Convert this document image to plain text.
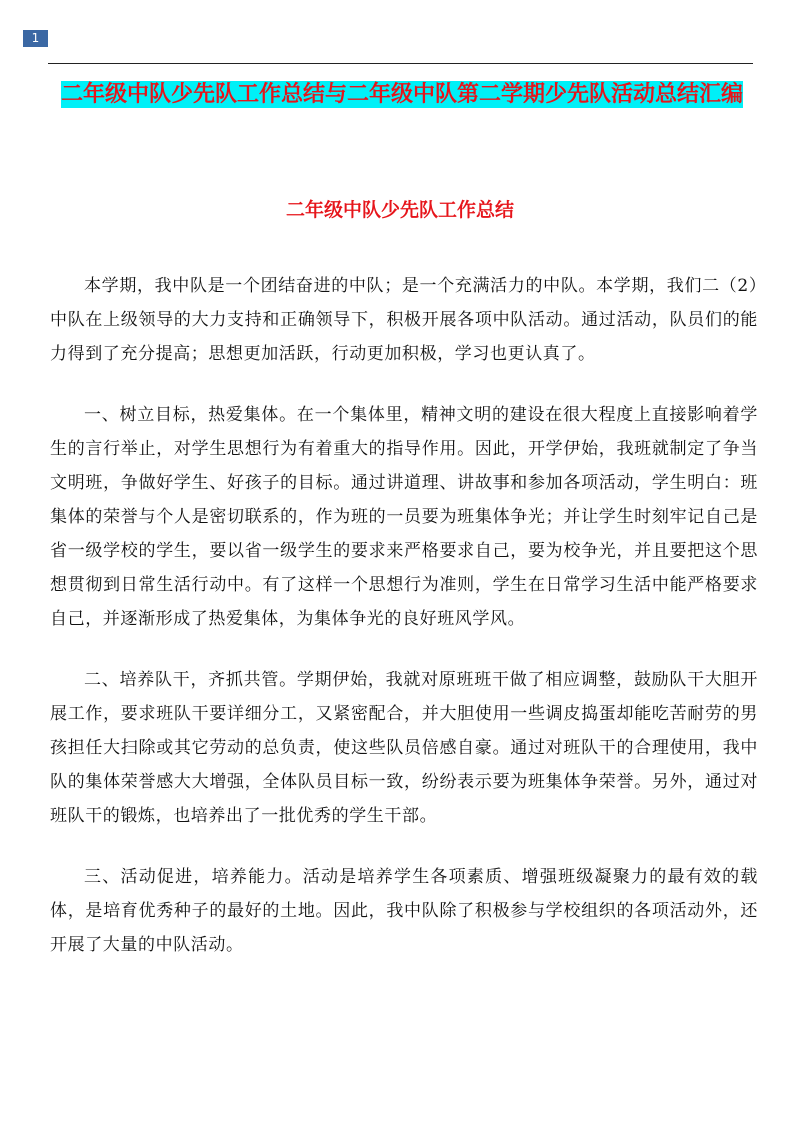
1
二年级中队少先队工作总结与二年级中队第二学期少先队活动总结汇编
二年级中队少先队工作总结

本学期，我中队是一个团结奋进的中队；是一个充满活力的中队。本学期，我们二（2）中队在上级领导的大力支持和正确领导下，积极开展各项中队活动。通过活动，队员们的能力得到了充分提高；思想更加活跃，行动更加积极，学习也更认真了。

一、树立目标，热爱集体。在一个集体里，精神文明的建设在很大程度上直接影响着学生的言行举止，对学生思想行为有着重大的指导作用。因此，开学伊始，我班就制定了争当文明班，争做好学生、好孩子的目标。通过讲道理、讲故事和参加各项活动，学生明白：班集体的荣誉与个人是密切联系的，作为班的一员要为班集体争光；并让学生时刻牢记自己是省一级学校的学生，要以省一级学生的要求来严格要求自己，要为校争光，并且要把这个思想贯彻到日常生活行动中。有了这样一个思想行为准则，学生在日常学习生活中能严格要求自己，并逐渐形成了热爱集体，为集体争光的良好班风学风。

二、培养队干，齐抓共管。学期伊始，我就对原班班干做了相应调整，鼓励队干大胆开展工作，要求班队干要详细分工，又紧密配合，并大胆使用一些调皮捣蛋却能吃苦耐劳的男孩担任大扫除或其它劳动的总负责，使这些队员倍感自豪。通过对班队干的合理使用，我中队的集体荣誉感大大增强，全体队员目标一致，纷纷表示要为班集体争荣誉。另外，通过对班队干的锻炼，也培养出了一批优秀的学生干部。

三、活动促进，培养能力。活动是培养学生各项素质、增强班级凝聚力的最有效的载体，是培育优秀种子的最好的土地。因此，我中队除了积极参与学校组织的各项活动外，还开展了大量的中队活动。
